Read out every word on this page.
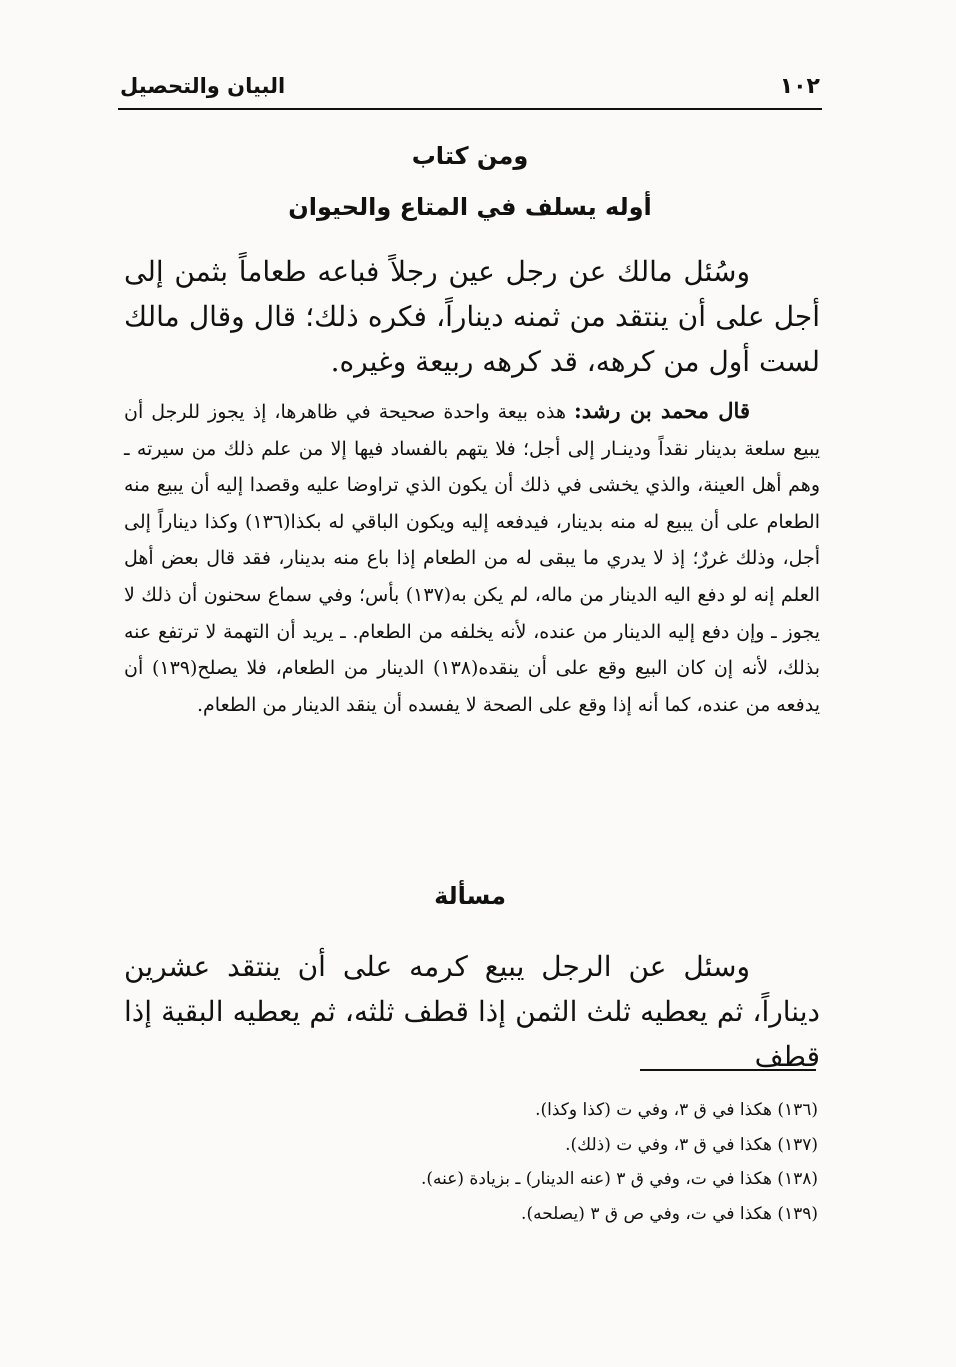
١٠٢
البيان والتحصيل
ومن كتاب
أوله يسلف في المتاع والحيوان

وسُئل مالك عن رجل عين رجلاً فباعه طعاماً بثمن إلى أجل على أن ينتقد من ثمنه ديناراً، فكره ذلك؛ قال وقال مالك لست أول من كرهه، قد كرهه ربيعة وغيره.

قال محمد بن رشد: هذه بيعة واحدة صحيحة في ظاهرها، إذ يجوز للرجل أن يبيع سلعة بدينار نقداً ودينـار إلى أجل؛ فلا يتهم بالفساد فيها إلا من علم ذلك من سيرته ـ وهم أهل العينة، والذي يخشى في ذلك أن يكون الذي تراوضا عليه وقصدا إليه أن يبيع منه الطعام على أن يبيع له منه بدينار، فيدفعه إليه ويكون الباقي له بكذا(١٣٦) وكذا ديناراً إلى أجل، وذلك غررٌ؛ إذ لا يدري ما يبقى له من الطعام إذا باع منه بدينار، فقد قال بعض أهل العلم إنه لو دفع اليه الدينار من ماله، لم يكن به(١٣٧) بأس؛ وفي سماع سحنون أن ذلك لا يجوز ـ وإن دفع إليه الدينار من عنده، لأنه يخلفه من الطعام. ـ يريد أن التهمة لا ترتفع عنه بذلك، لأنه إن كان البيع وقع على أن ينقده(١٣٨) الدينار من الطعام، فلا يصلح(١٣٩) أن يدفعه من عنده، كما أنه إذا وقع على الصحة لا يفسده أن ينقد الدينار من الطعام.

مسألة

وسئل عن الرجل يبيع كرمه على أن ينتقد عشرين ديناراً، ثم يعطيه ثلث الثمن إذا قطف ثلثه، ثم يعطيه البقية إذا قطف

(١٣٦) هكذا في ق ٣، وفي ت (كذا وكذا).
(١٣٧) هكذا في ق ٣، وفي ت (ذلك).
(١٣٨) هكذا في ت، وفي ق ٣ (عنه الدينار) ـ بزيادة (عنه).
(١٣٩) هكذا في ت، وفي ص ق ٣ (يصلحه).
